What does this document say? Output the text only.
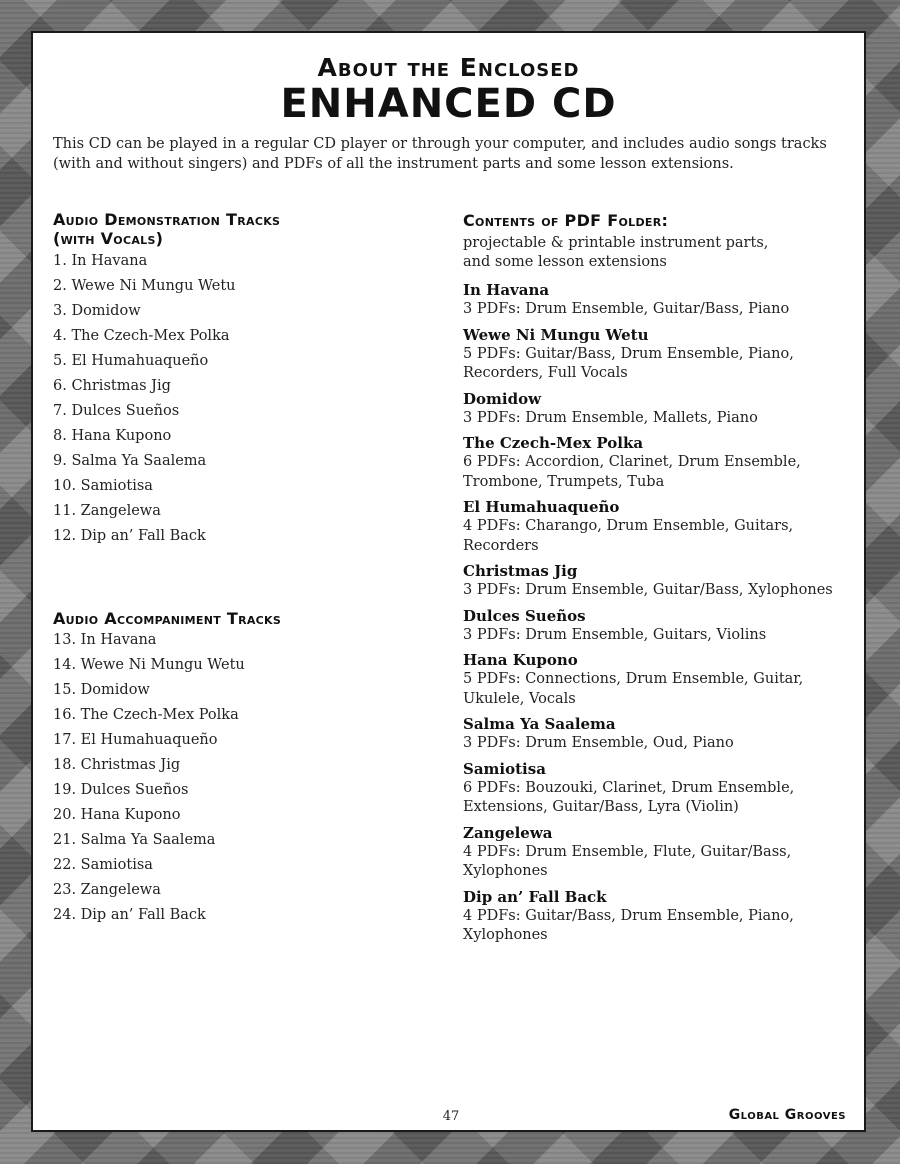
About the Enclosed
ENHANCED CD
This CD can be played in a regular CD player or through your computer, and includes audio songs tracks (with and without singers) and PDFs of all the instrument parts and some lesson extensions.
Audio Demonstration Tracks
(with Vocals)
1. In Havana
2. Wewe Ni Mungu Wetu
3. Domidow
4. The Czech-Mex Polka
5. El Humahuaqueño
6. Christmas Jig
7. Dulces Sueños
8. Hana Kupono
9. Salma Ya Saalema
10. Samiotisa
11. Zangelewa
12. Dip an’ Fall Back
Audio Accompaniment Tracks
13. In Havana
14. Wewe Ni Mungu Wetu
15. Domidow
16. The Czech-Mex Polka
17. El Humahuaqueño
18. Christmas Jig
19. Dulces Sueños
20. Hana Kupono
21. Salma Ya Saalema
22. Samiotisa
23. Zangelewa
24. Dip an’ Fall Back
Contents of PDF Folder:
projectable & printable instrument parts,
and some lesson extensions
In Havana
3 PDFs: Drum Ensemble, Guitar/Bass, Piano
Wewe Ni Mungu Wetu
5 PDFs: Guitar/Bass, Drum Ensemble, Piano, Recorders, Full Vocals
Domidow
3 PDFs: Drum Ensemble, Mallets, Piano
The Czech-Mex Polka
6 PDFs: Accordion, Clarinet, Drum Ensemble, Trombone, Trumpets, Tuba
El Humahuaqueño
4 PDFs: Charango, Drum Ensemble, Guitars, Recorders
Christmas Jig
3 PDFs: Drum Ensemble, Guitar/Bass, Xylophones
Dulces Sueños
3 PDFs: Drum Ensemble, Guitars, Violins
Hana Kupono
5 PDFs: Connections, Drum Ensemble, Guitar, Ukulele, Vocals
Salma Ya Saalema
3 PDFs: Drum Ensemble, Oud, Piano
Samiotisa
6 PDFs: Bouzouki, Clarinet, Drum Ensemble, Extensions, Guitar/Bass, Lyra (Violin)
Zangelewa
4 PDFs: Drum Ensemble, Flute, Guitar/Bass, Xylophones
Dip an’ Fall Back
4 PDFs: Guitar/Bass, Drum Ensemble, Piano, Xylophones
47	Global Grooves
